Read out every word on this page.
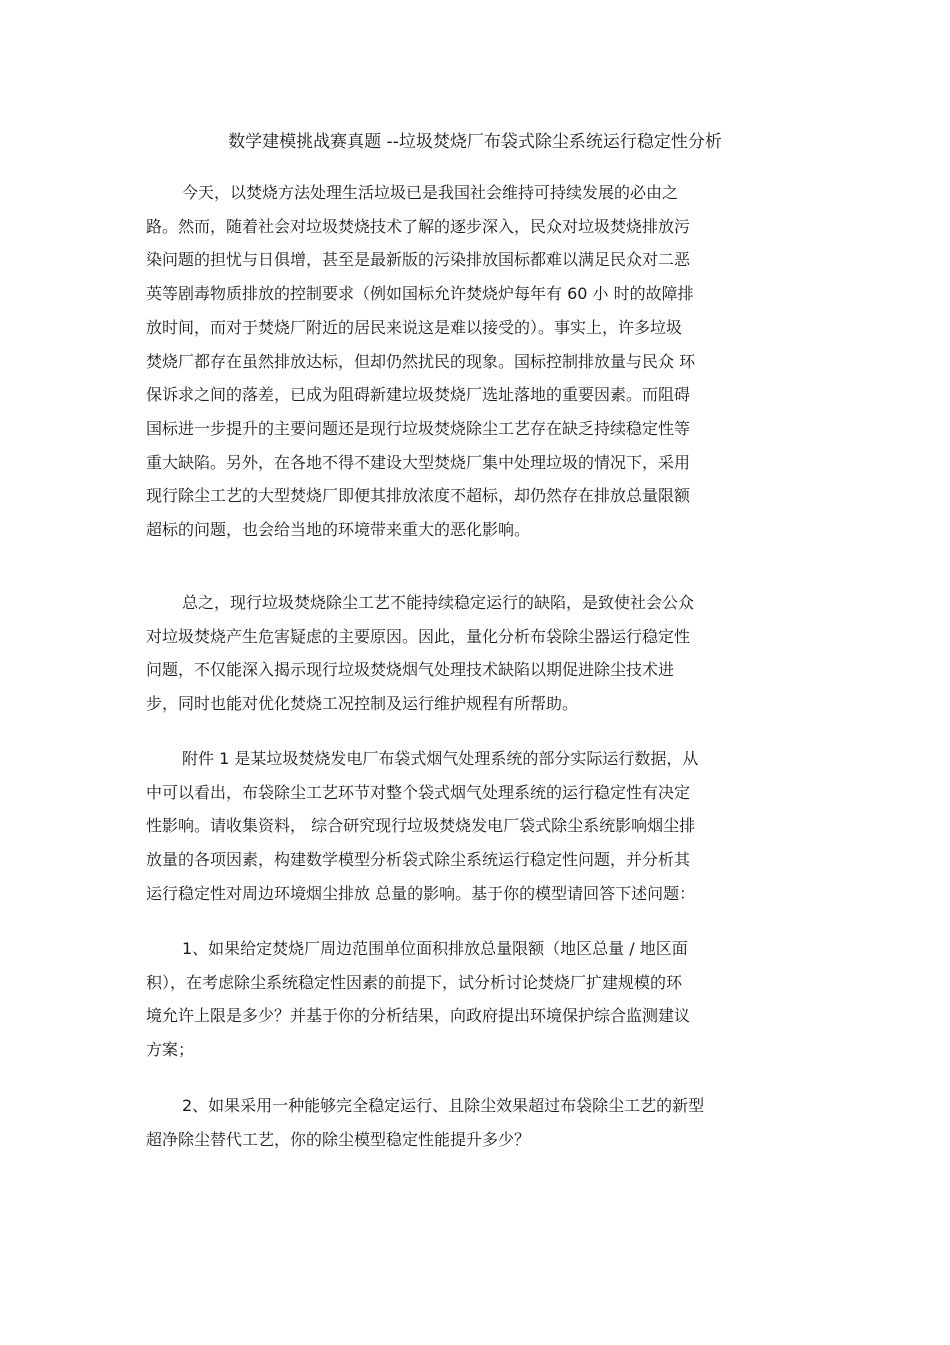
数学建模挑战赛真题 --垃圾焚烧厂布袋式除尘系统运行稳定性分析
今天，以焚烧方法处理生活垃圾已是我国社会维持可持续发展的必由之
路。然而，随着社会对垃圾焚烧技术了解的逐步深入，民众对垃圾焚烧排放污
染问题的担忧与日俱增，甚至是最新版的污染排放国标都难以满足民众对二恶
英等剧毒物质排放的控制要求（例如国标允许焚烧炉每年有 60 小 时的故障排
放时间，而对于焚烧厂附近的居民来说这是难以接受的）。事实上，许多垃圾
焚烧厂都存在虽然排放达标，但却仍然扰民的现象。国标控制排放量与民众 环
保诉求之间的落差，已成为阻碍新建垃圾焚烧厂选址落地的重要因素。而阻碍
国标进一步提升的主要问题还是现行垃圾焚烧除尘工艺存在缺乏持续稳定性等
重大缺陷。另外，在各地不得不建设大型焚烧厂集中处理垃圾的情况下，采用
现行除尘工艺的大型焚烧厂即便其排放浓度不超标，却仍然存在排放总量限额
超标的问题，也会给当地的环境带来重大的恶化影响。
总之，现行垃圾焚烧除尘工艺不能持续稳定运行的缺陷，是致使社会公众
对垃圾焚烧产生危害疑虑的主要原因。因此，量化分析布袋除尘器运行稳定性
问题，不仅能深入揭示现行垃圾焚烧烟气处理技术缺陷以期促进除尘技术进
步，同时也能对优化焚烧工况控制及运行维护规程有所帮助。
附件 1 是某垃圾焚烧发电厂布袋式烟气处理系统的部分实际运行数据，从
中可以看出，布袋除尘工艺环节对整个袋式烟气处理系统的运行稳定性有决定
性影响。请收集资料， 综合研究现行垃圾焚烧发电厂袋式除尘系统影响烟尘排
放量的各项因素，构建数学模型分析袋式除尘系统运行稳定性问题，并分析其
运行稳定性对周边环境烟尘排放 总量的影响。基于你的模型请回答下述问题：
1、如果给定焚烧厂周边范围单位面积排放总量限额（地区总量 / 地区面
积），在考虑除尘系统稳定性因素的前提下，试分析讨论焚烧厂扩建规模的环
境允许上限是多少？并基于你的分析结果，向政府提出环境保护综合监测建议
方案；
2、如果采用一种能够完全稳定运行、且除尘效果超过布袋除尘工艺的新型
超净除尘替代工艺，你的除尘模型稳定性能提升多少？
